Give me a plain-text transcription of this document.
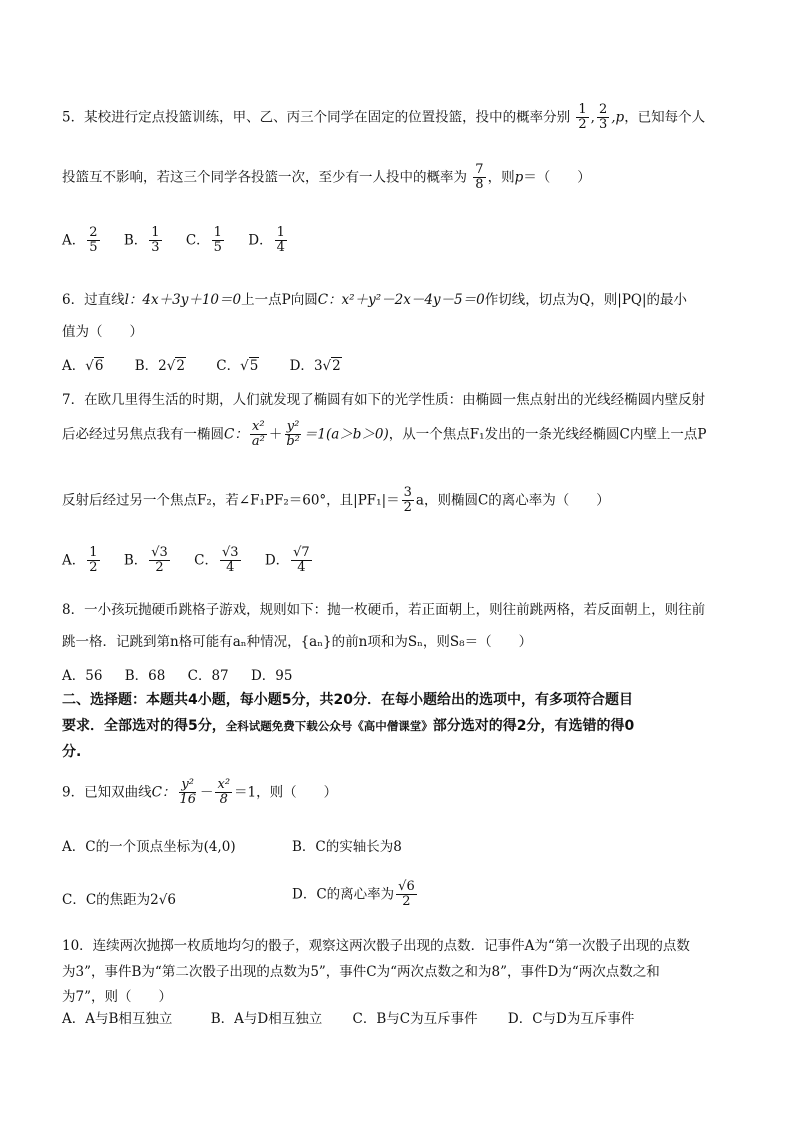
5．某校进行定点投篮训练，甲、乙、丙三个同学在固定的位置投篮，投中的概率分别 $\frac{1}{2}$ , $\frac{2}{3} ,p$，已知每个人
投篮互不影响，若这三个同学各投篮一次，至少有一人投中的概率为 $\frac{7}{8}$ ，则p＝（　　）
A． $\frac{2}{5}$ B． $\frac{1}{3}$ C． $\frac{1}{5}$ D． $\frac{1}{4}$
6．过直线l：4x＋3y＋10＝0上一点P向圆C：x²＋y²－2x－4y－5＝0作切线，切点为Q，则|PQ|的最小
值为（　　）
A．√6 B．2√2 C．√5 D．3√2
7．在欧几里得生活的时期，人们就发现了椭圆有如下的光学性质：由椭圆一焦点射出的光线经椭圆内壁反射
后必经过另焦点我有一椭圆C： $\frac{\text{x²}}{\text{a²}} + \frac{\text{y²}}{\text{b²}} =1(a>b>0)$，从一个焦点F₁发出的一条光线经椭圆C内壁上一点P
反射后经过另一个焦点F₂，若∠F₁PF₂＝60°，且$|PF_1|= \frac{3}{2}$ a，则椭圆C的离心率为（　　）
A． $\frac{1}{2}$ B． $\frac{√3}{2}$ C． $\frac{√3}{4}$ D． $\frac{√7}{4}$
8．一小孩玩抛硬币跳格子游戏，规则如下：抛一枚硬币，若正面朝上，则往前跳两格，若反面朝上，则往前
跳一格．记跳到第n格可能有aₙ种情况，{aₙ}的前n项和为Sₙ，则S₈＝（　　）
A．56 B．68 C．87 D．95
二、选择题：本题共4小题，每小题5分，共20分．在每小题给出的选项中，有多项符合题目
要求．全部选对的得5分，全科试题免费下载公众号《高中僧课堂》部分选对的得2分，有选错的得0
分.
9．已知双曲线C： $\frac{\text{y²}}{16} - \frac{\text{x²}}{8} =1$，则（　　）
A．C的一个顶点坐标为(4,0)	B．C的实轴长为8
C．C的焦距为2√6	D．C的离心率为 $\frac{√6}{2}$
10．连续两次抛掷一枚质地均匀的骰子，观察这两次骰子出现的点数．记事件A为“第一次骰子出现的点数
为3”，事件B为“第二次骰子出现的点数为5”，事件C为“两次点数之和为8”，事件D为“两次点数之和
为7”，则（　　）
A．A与B相互独立	B．A与D相互独立 C．B与C为互斥事件 D．C与D为互斥事件
